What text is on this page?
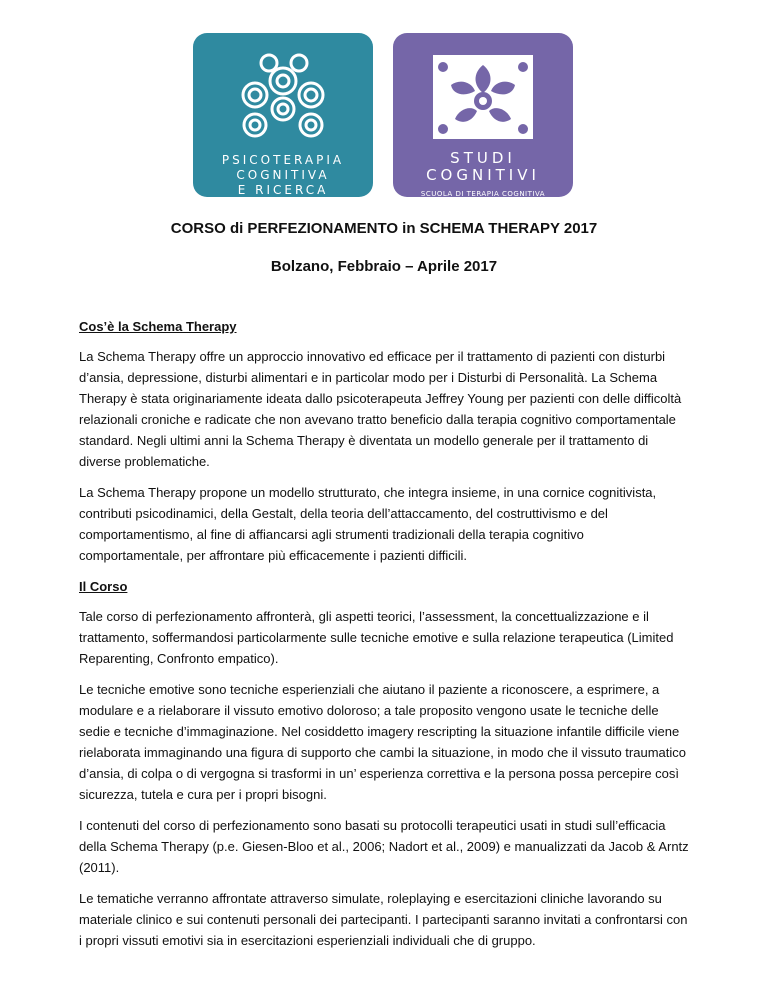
PSICOTERAPIA
COGNITIVA
E RICERCA
STUDI
COGNITIVI
SCUOLA DI TERAPIA COGNITIVA
CORSO di PERFEZIONAMENTO in SCHEMA THERAPY 2017
Bolzano, Febbraio – Aprile 2017
Cos’è la Schema Therapy

La Schema Therapy offre un approccio innovativo ed efficace per il trattamento di pazienti con disturbi d’ansia, depressione, disturbi alimentari e in particolar modo per i Disturbi di Personalità. La Schema Therapy è stata originariamente ideata dallo psicoterapeuta Jeffrey Young per pazienti con delle difficoltà relazionali croniche e radicate che non avevano tratto beneficio dalla terapia cognitivo comportamentale standard. Negli ultimi anni la Schema Therapy è diventata un modello generale per il trattamento di diverse problematiche.

La Schema Therapy propone un modello strutturato, che integra insieme, in una cornice cognitivista, contributi psicodinamici, della Gestalt, della teoria dell’attaccamento, del costruttivismo e del comportamentismo, al fine di affiancarsi agli strumenti tradizionali della terapia cognitivo comportamentale, per affrontare più efficacemente i pazienti difficili.

Il Corso

Tale corso di perfezionamento affronterà, gli aspetti teorici, l’assessment, la concettualizzazione e il trattamento, soffermandosi particolarmente sulle tecniche emotive e sulla relazione terapeutica (Limited Reparenting, Confronto empatico).

Le tecniche emotive sono tecniche esperienziali che aiutano il paziente a riconoscere, a esprimere, a modulare e a rielaborare il vissuto emotivo doloroso; a tale proposito vengono usate le tecniche delle sedie e tecniche d’immaginazione. Nel cosiddetto imagery rescripting la situazione infantile difficile viene rielaborata immaginando una figura di supporto che cambi la situazione, in modo che il vissuto traumatico d’ansia, di colpa o di vergogna si trasformi in un’ esperienza correttiva e la persona possa percepire così sicurezza, tutela e cura per i propri bisogni.

I contenuti del corso di perfezionamento sono basati su protocolli terapeutici usati in studi sull’efficacia della Schema Therapy (p.e. Giesen-Bloo et al., 2006; Nadort et al., 2009) e manualizzati da Jacob & Arntz (2011).

Le tematiche verranno affrontate attraverso simulate, roleplaying e esercitazioni cliniche lavorando su materiale clinico e sui contenuti personali dei partecipanti. I partecipanti saranno invitati a confrontarsi con i propri vissuti emotivi sia in esercitazioni esperienziali individuali che di gruppo.
